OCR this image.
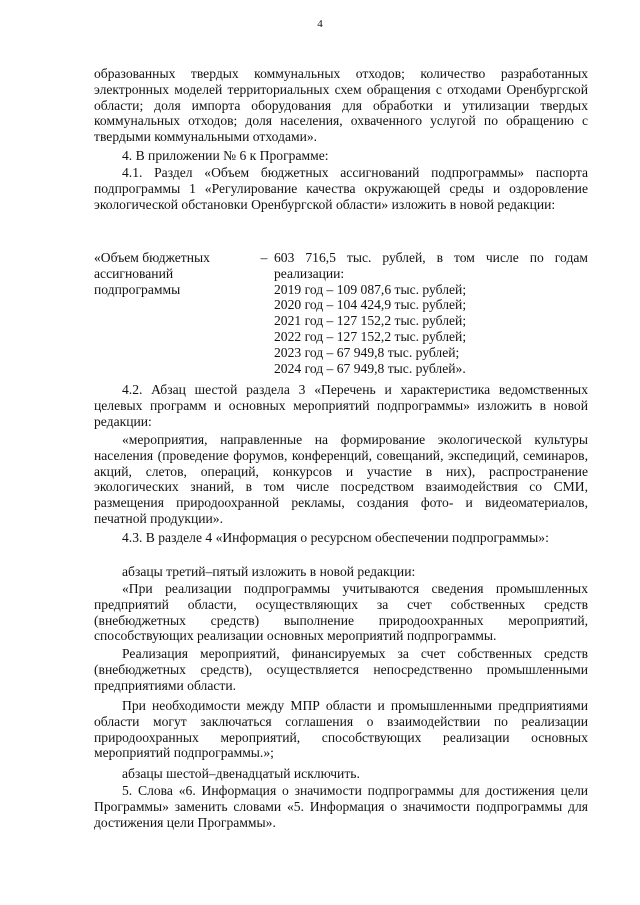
4

образованных твердых коммунальных отходов; количество разработанных электронных моделей территориальных схем обращения с отходами Оренбургской области; доля импорта оборудования для обработки и утилизации твердых коммунальных отходов; доля населения, охваченного услугой по обращению с твердыми коммунальными отходами».

4. В приложении № 6 к Программе:

4.1. Раздел «Объем бюджетных ассигнований подпрограммы» паспорта подпрограммы 1 «Регулирование качества окружающей среды и оздоровление экологической обстановки Оренбургской области» изложить в новой редакции:

«Объем бюджетных
ассигнований
подпрограммы
– 603 716,5 тыс. рублей, в том числе по годам
реализации:
2019 год – 109 087,6 тыс. рублей;
2020 год – 104 424,9 тыс. рублей;
2021 год – 127 152,2 тыс. рублей;
2022 год – 127 152,2 тыс. рублей;
2023 год – 67 949,8 тыс. рублей;
2024 год – 67 949,8 тыс. рублей».

4.2. Абзац шестой раздела 3 «Перечень и характеристика ведомственных целевых программ и основных мероприятий подпрограммы» изложить в новой редакции:

«мероприятия, направленные на формирование экологической культуры населения (проведение форумов, конференций, совещаний, экспедиций, семинаров, акций, слетов, операций, конкурсов и участие в них), распространение экологических знаний, в том числе посредством взаимодействия со СМИ, размещения природоохранной рекламы, создания фото- и видеоматериалов, печатной продукции».

4.3. В разделе 4 «Информация о ресурсном обеспечении подпрограммы»:

абзацы третий–пятый изложить в новой редакции:

«При реализации подпрограммы учитываются сведения промышленных предприятий области, осуществляющих за счет собственных средств (внебюджетных средств) выполнение природоохранных мероприятий, способствующих реализации основных мероприятий подпрограммы.

Реализация мероприятий, финансируемых за счет собственных средств (внебюджетных средств), осуществляется непосредственно промышленными предприятиями области.

При необходимости между МПР области и промышленными предприятиями области могут заключаться соглашения о взаимодействии по реализации природоохранных мероприятий, способствующих реализации основных мероприятий подпрограммы.»;

абзацы шестой–двенадцатый исключить.

5. Слова «6. Информация о значимости подпрограммы для достижения цели Программы» заменить словами «5. Информация о значимости подпрограммы для достижения цели Программы».
